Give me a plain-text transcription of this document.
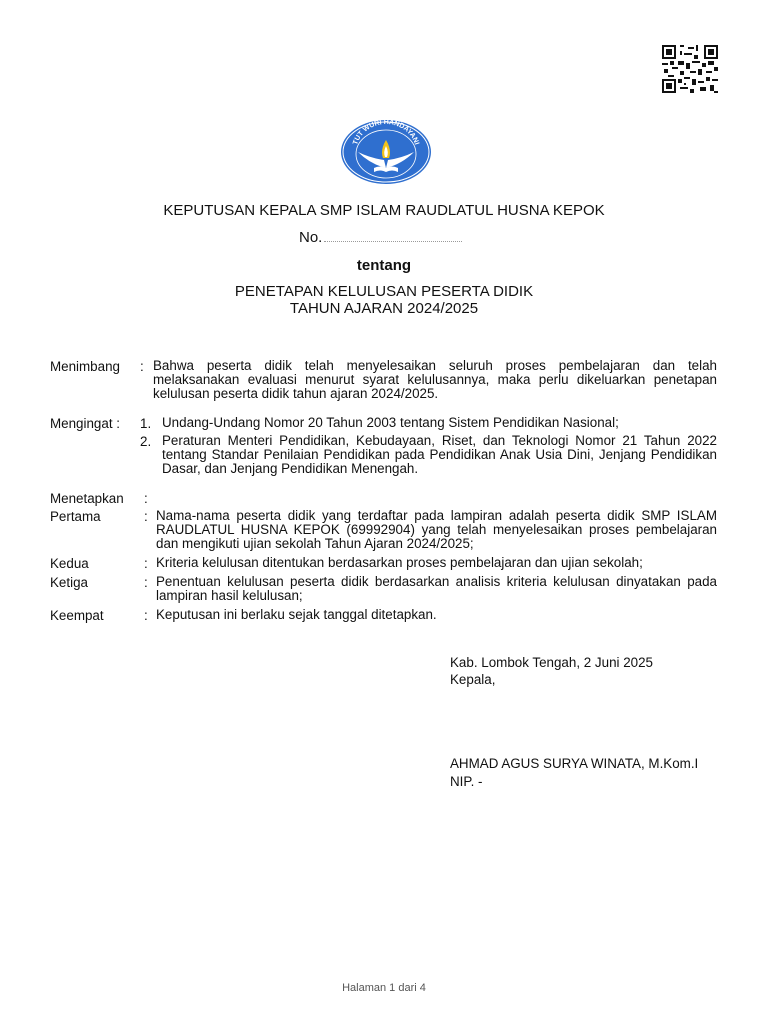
TUT WURI HANDAYANI
KEPUTUSAN KEPALA SMP ISLAM RAUDLATUL HUSNA KEPOK
No.
tentang
PENETAPAN KELULUSAN PESERTA DIDIK
TAHUN AJARAN 2024/2025
Menimbang : Bahwa peserta didik telah menyelesaikan seluruh proses pembelajaran dan telah melaksanakan evaluasi menurut syarat kelulusannya, maka perlu dikeluarkan penetapan kelulusan peserta didik tahun ajaran 2024/2025.
Mengingat : 1. Undang-Undang Nomor 20 Tahun 2003 tentang Sistem Pendidikan Nasional;
2. Peraturan Menteri Pendidikan, Kebudayaan, Riset, dan Teknologi Nomor 21 Tahun 2022 tentang Standar Penilaian Pendidikan pada Pendidikan Anak Usia Dini, Jenjang Pendidikan Dasar, dan Jenjang Pendidikan Menengah.
Menetapkan :
Pertama	: Nama-nama peserta didik yang terdaftar pada lampiran adalah peserta didik SMP ISLAM RAUDLATUL HUSNA KEPOK (69992904) yang telah menyelesaikan proses pembelajaran dan mengikuti ujian sekolah Tahun Ajaran 2024/2025;
Kedua	: Kriteria kelulusan ditentukan berdasarkan proses pembelajaran dan ujian sekolah;
Ketiga	: Penentuan kelulusan peserta didik berdasarkan analisis kriteria kelulusan dinyatakan pada lampiran hasil kelulusan;
Keempat	: Keputusan ini berlaku sejak tanggal ditetapkan.
Kab. Lombok Tengah, 2 Juni 2025
Kepala,
AHMAD AGUS SURYA WINATA, M.Kom.I
NIP. -
Halaman 1 dari 4
